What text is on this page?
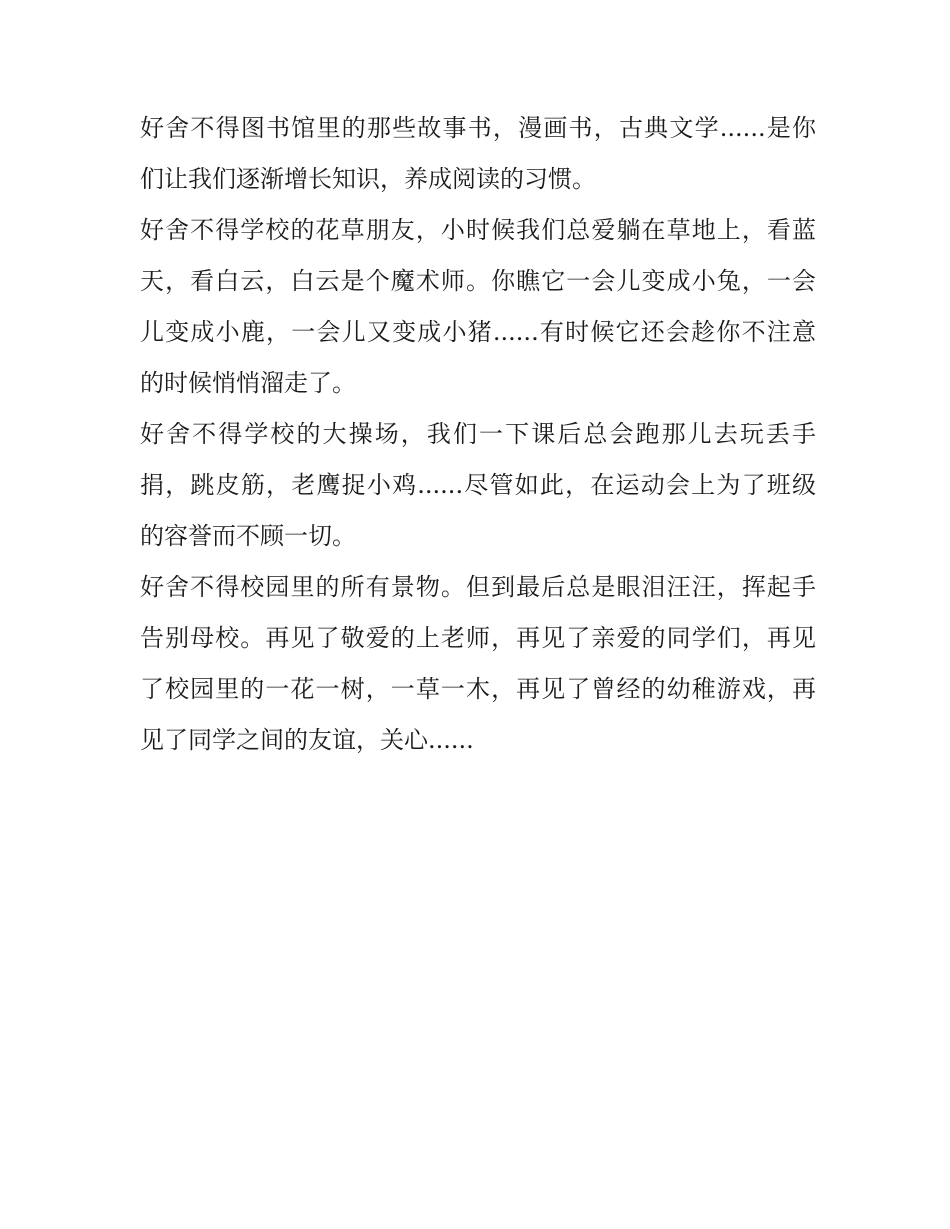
好舍不得图书馆里的那些故事书，漫画书，古典文学......是你
们让我们逐渐增长知识，养成阅读的习惯。
好舍不得学校的花草朋友，小时候我们总爱躺在草地上，看蓝
天，看白云，白云是个魔术师。你瞧它一会儿变成小兔，一会
儿变成小鹿，一会儿又变成小猪......有时候它还会趁你不注意
的时候悄悄溜走了。
好舍不得学校的大操场，我们一下课后总会跑那儿去玩丢手
捐，跳皮筋，老鹰捉小鸡......尽管如此，在运动会上为了班级
的容誉而不顾一切。
好舍不得校园里的所有景物。但到最后总是眼泪汪汪，挥起手
告别母校。再见了敬爱的上老师，再见了亲爱的同学们，再见
了校园里的一花一树，一草一木，再见了曾经的幼稚游戏，再
见了同学之间的友谊，关心......
